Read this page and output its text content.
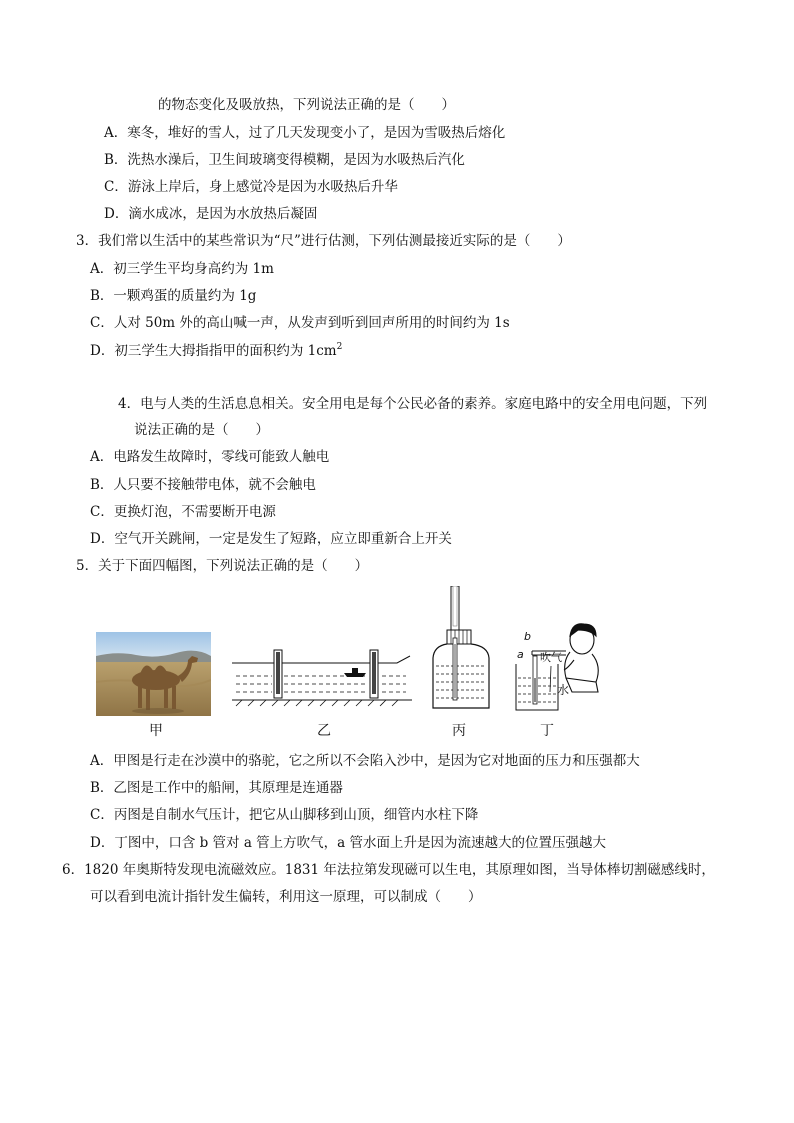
的物态变化及吸放热，下列说法正确的是（　　）
A．寒冬，堆好的雪人，过了几天发现变小了，是因为雪吸热后熔化
B．洗热水澡后，卫生间玻璃变得模糊，是因为水吸热后汽化
C．游泳上岸后，身上感觉冷是因为水吸热后升华
D．滴水成冰，是因为水放热后凝固
3．我们常以生活中的某些常识为“尺”进行估测，下列估测最接近实际的是（　　）
A．初三学生平均身高约为 1m
B．一颗鸡蛋的质量约为 1g
C．人对 50m 外的高山喊一声，从发声到听到回声所用的时间约为 1s
D．初三学生大拇指指甲的面积约为 $1cm^2$
4．电与人类的生活息息相关。安全用电是每个公民必备的素养。家庭电路中的安全用电问题，下列
说法正确的是（　　）
A．电路发生故障时，零线可能致人触电
B．人只要不接触带电体，就不会触电
C．更换灯泡，不需要断开电源
D．空气开关跳闸，一定是发生了短路，应立即重新合上开关
5．关于下面四幅图，下列说法正确的是（　　）
甲	乙	丙
b
a 吹气
水
丁
A．甲图是行走在沙漠中的骆驼，它之所以不会陷入沙中，是因为它对地面的压力和压强都大
B．乙图是工作中的船闸，其原理是连通器
C．丙图是自制水气压计，把它从山脚移到山顶，细管内水柱下降
D．丁图中，口含 b 管对 a 管上方吹气，a 管水面上升是因为流速越大的位置压强越大
6．1820 年奥斯特发现电流磁效应。1831 年法拉第发现磁可以生电，其原理如图，当导体棒切割磁感线时，
可以看到电流计指针发生偏转，利用这一原理，可以制成（　　）
